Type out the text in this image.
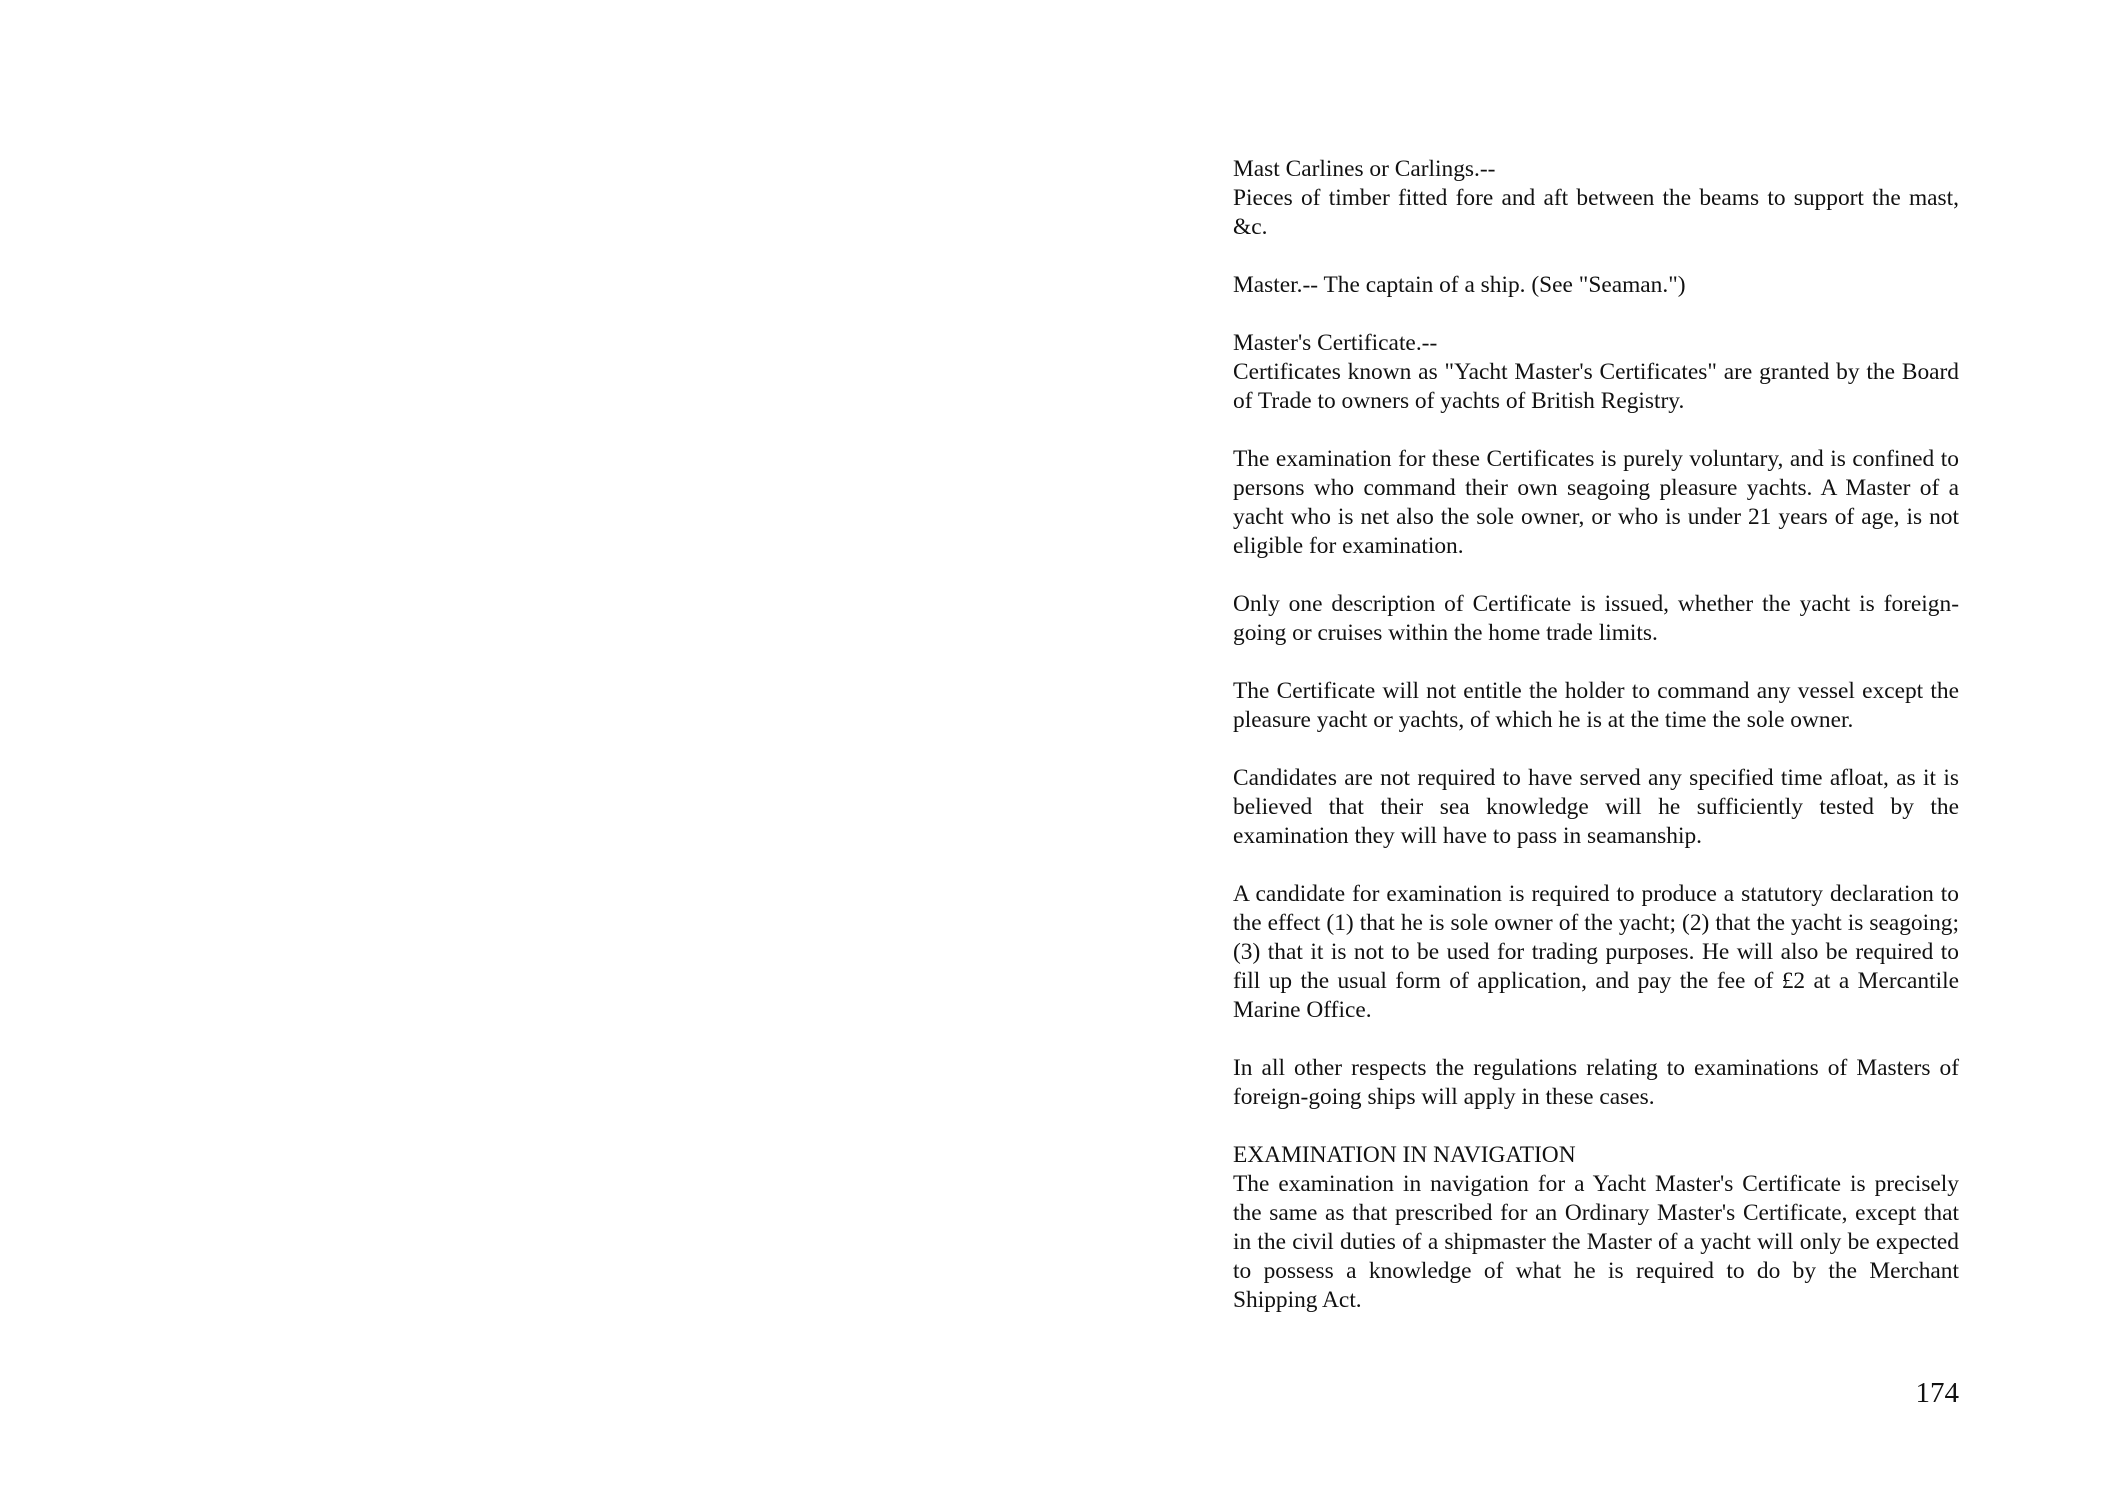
Mast Carlines or Carlings.--
Pieces of timber fitted fore and aft between the beams to support the mast, &c.
Master.-- The captain of a ship. (See "Seaman.")
Master's Certificate.--
Certificates known as "Yacht Master's Certificates" are granted by the Board of Trade to owners of yachts of British Registry.

The examination for these Certificates is purely voluntary, and is confined to persons who command their own seagoing pleasure yachts. A Master of a yacht who is net also the sole owner, or who is under 21 years of age, is not eligible for examination.

Only one description of Certificate is issued, whether the yacht is foreign-going or cruises within the home trade limits.

The Certificate will not entitle the holder to command any vessel except the pleasure yacht or yachts, of which he is at the time the sole owner.

Candidates are not required to have served any specified time afloat, as it is believed that their sea knowledge will he sufficiently tested by the examination they will have to pass in seamanship.

A candidate for examination is required to produce a statutory declaration to the effect (1) that he is sole owner of the yacht; (2) that the yacht is seagoing; (3) that it is not to be used for trading purposes. He will also be required to fill up the usual form of application, and pay the fee of £2 at a Mercantile Marine Office.

In all other respects the regulations relating to examinations of Masters of foreign-going ships will apply in these cases.

EXAMINATION IN NAVIGATION
The examination in navigation for a Yacht Master's Certificate is precisely the same as that prescribed for an Ordinary Master's Certificate, except that in the civil duties of a shipmaster the Master of a yacht will only be expected to possess a knowledge of what he is required to do by the Merchant Shipping Act.
174
